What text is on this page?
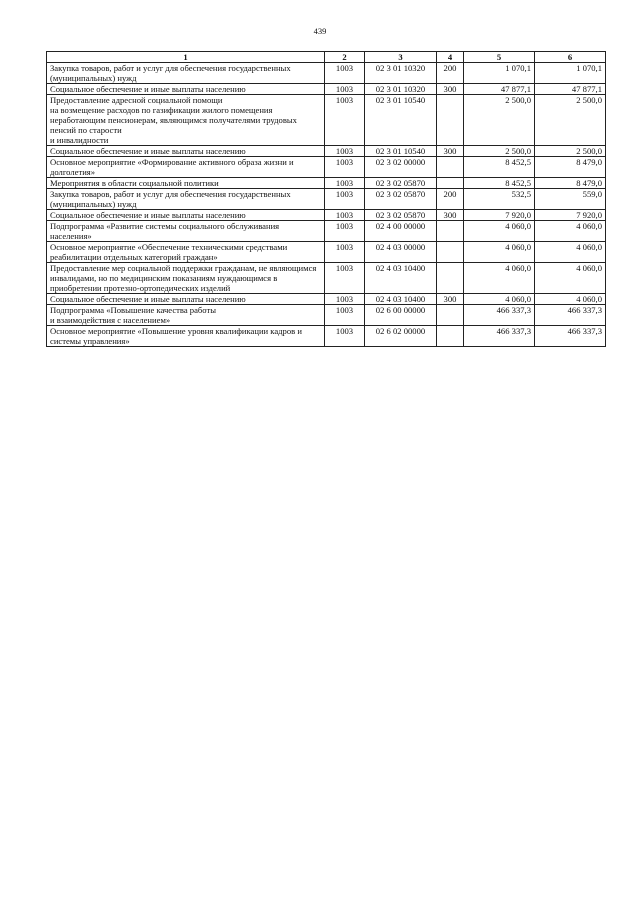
439
1	2	3	4	5	6
Закупка товаров, работ и услуг для обеспечения государственных (муниципальных) нужд	1003	02 3 01 10320	200	1 070,1	1 070,1
Социальное обеспечение и иные выплаты населению	1003	02 3 01 10320	300	47 877,1	47 877,1
Предоставление адресной социальной помощи
на возмещение расходов по газификации жилого помещения неработающим пенсионерам, являющимся получателями трудовых пенсий по старости
и инвалидности	1003	02 3 01 10540		2 500,0	2 500,0
Социальное обеспечение и иные выплаты населению	1003	02 3 01 10540	300	2 500,0	2 500,0
Основное мероприятие «Формирование активного образа жизни и долголетия»	1003	02 3 02 00000		8 452,5	8 479,0
Мероприятия в области социальной политики	1003	02 3 02 05870		8 452,5	8 479,0
Закупка товаров, работ и услуг для обеспечения государственных (муниципальных) нужд	1003	02 3 02 05870	200	532,5	559,0
Социальное обеспечение и иные выплаты населению	1003	02 3 02 05870	300	7 920,0	7 920,0
Подпрограмма «Развитие системы социального обслуживания населения»	1003	02 4 00 00000		4 060,0	4 060,0
Основное мероприятие «Обеспечение техническими средствами реабилитации отдельных категорий граждан»	1003	02 4 03 00000		4 060,0	4 060,0
Предоставление мер социальной поддержки гражданам, не являющимся инвалидами, но по медицинским показаниям нуждающимся в приобретении протезно-ортопедических изделий	1003	02 4 03 10400		4 060,0	4 060,0
Социальное обеспечение и иные выплаты населению	1003	02 4 03 10400	300	4 060,0	4 060,0
Подпрограмма «Повышение качества работы
и взаимодействия с населением»	1003	02 6 00 00000		466 337,3	466 337,3
Основное мероприятие «Повышение уровня квалификации кадров и системы управления»	1003	02 6 02 00000		466 337,3	466 337,3
